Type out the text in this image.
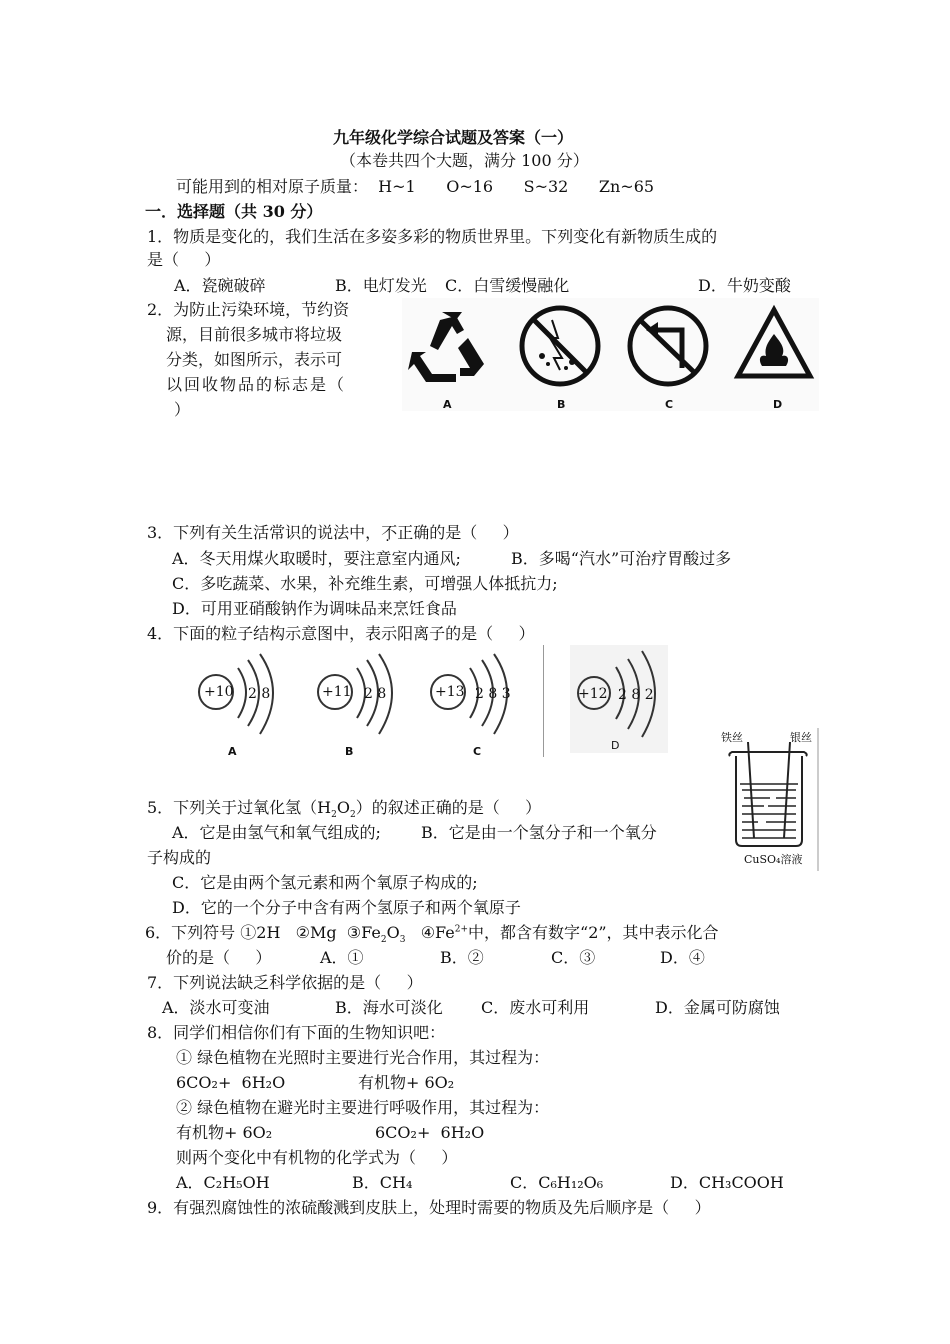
九年级化学综合试题及答案（一）
（本卷共四个大题，满分 100 分）
可能用到的相对原子质量：  H~1      O~16      S~32      Zn~65
一．选择题（共 30 分）
1．物质是变化的，我们生活在多姿多彩的物质世界里。下列变化有新物质生成的
是（     ）
A．瓷碗破碎	B．电灯发光 C．白雪缓慢融化	D．牛奶变酸
2．为防止污染环境，节约资
源，目前很多城市将垃圾
分类，如图所示，表示可
以回收物品的标志是（
）	A	B	C	D
3．下列有关生活常识的说法中，不正确的是（     ）
A．冬天用煤火取暖时，要注意室内通风;	B．多喝“汽水”可治疗胃酸过多
C．多吃蔬菜、水果，补充维生素，可增强人体抵抗力;
D．可用亚硝酸钠作为调味品来烹饪食品
4．下面的粒子结构示意图中，表示阳离子的是（     ）
+10 2 8
A
+11 2 8
B
+13 2 8 3
C
+12 2 8 2
D
铁丝	银丝
CuSO₄溶液
5．下列关于过氧化氢$(H_2O_2)$的叙述正确的是（     ）
A．它是由氢气和氧气组成的;	B．它是由一个氢分子和一个氧分
子构成的
C．它是由两个氢元素和两个氧原子构成的;
D．它的一个分子中含有两个氢原子和两个氧原子
6．下列符号 ①2H   ②Mg  $③Fe_2O_3$   $④Fe^{2+}$中，都含有数字“2”，其中表示化合
价的是（     ）	A．①	B．②	C．③	D．④
7．下列说法缺乏科学依据的是（     ）
A．淡水可变油	B．海水可淡化 C．废水可利用	D．金属可防腐蚀
8．同学们相信你们有下面的生物知识吧：
① 绿色植物在光照时主要进行光合作用，其过程为：
6CO₂+  6H₂O	有机物+ 6O₂
② 绿色植物在避光时主要进行呼吸作用，其过程为：
有机物+ 6O₂	6CO₂+  6H₂O
则两个变化中有机物的化学式为（     ）
A．C₂H₅OH	B．CH₄	C．C₆H₁₂O₆	D．CH₃COOH
9．有强烈腐蚀性的浓硫酸溅到皮肤上，处理时需要的物质及先后顺序是（     ）
